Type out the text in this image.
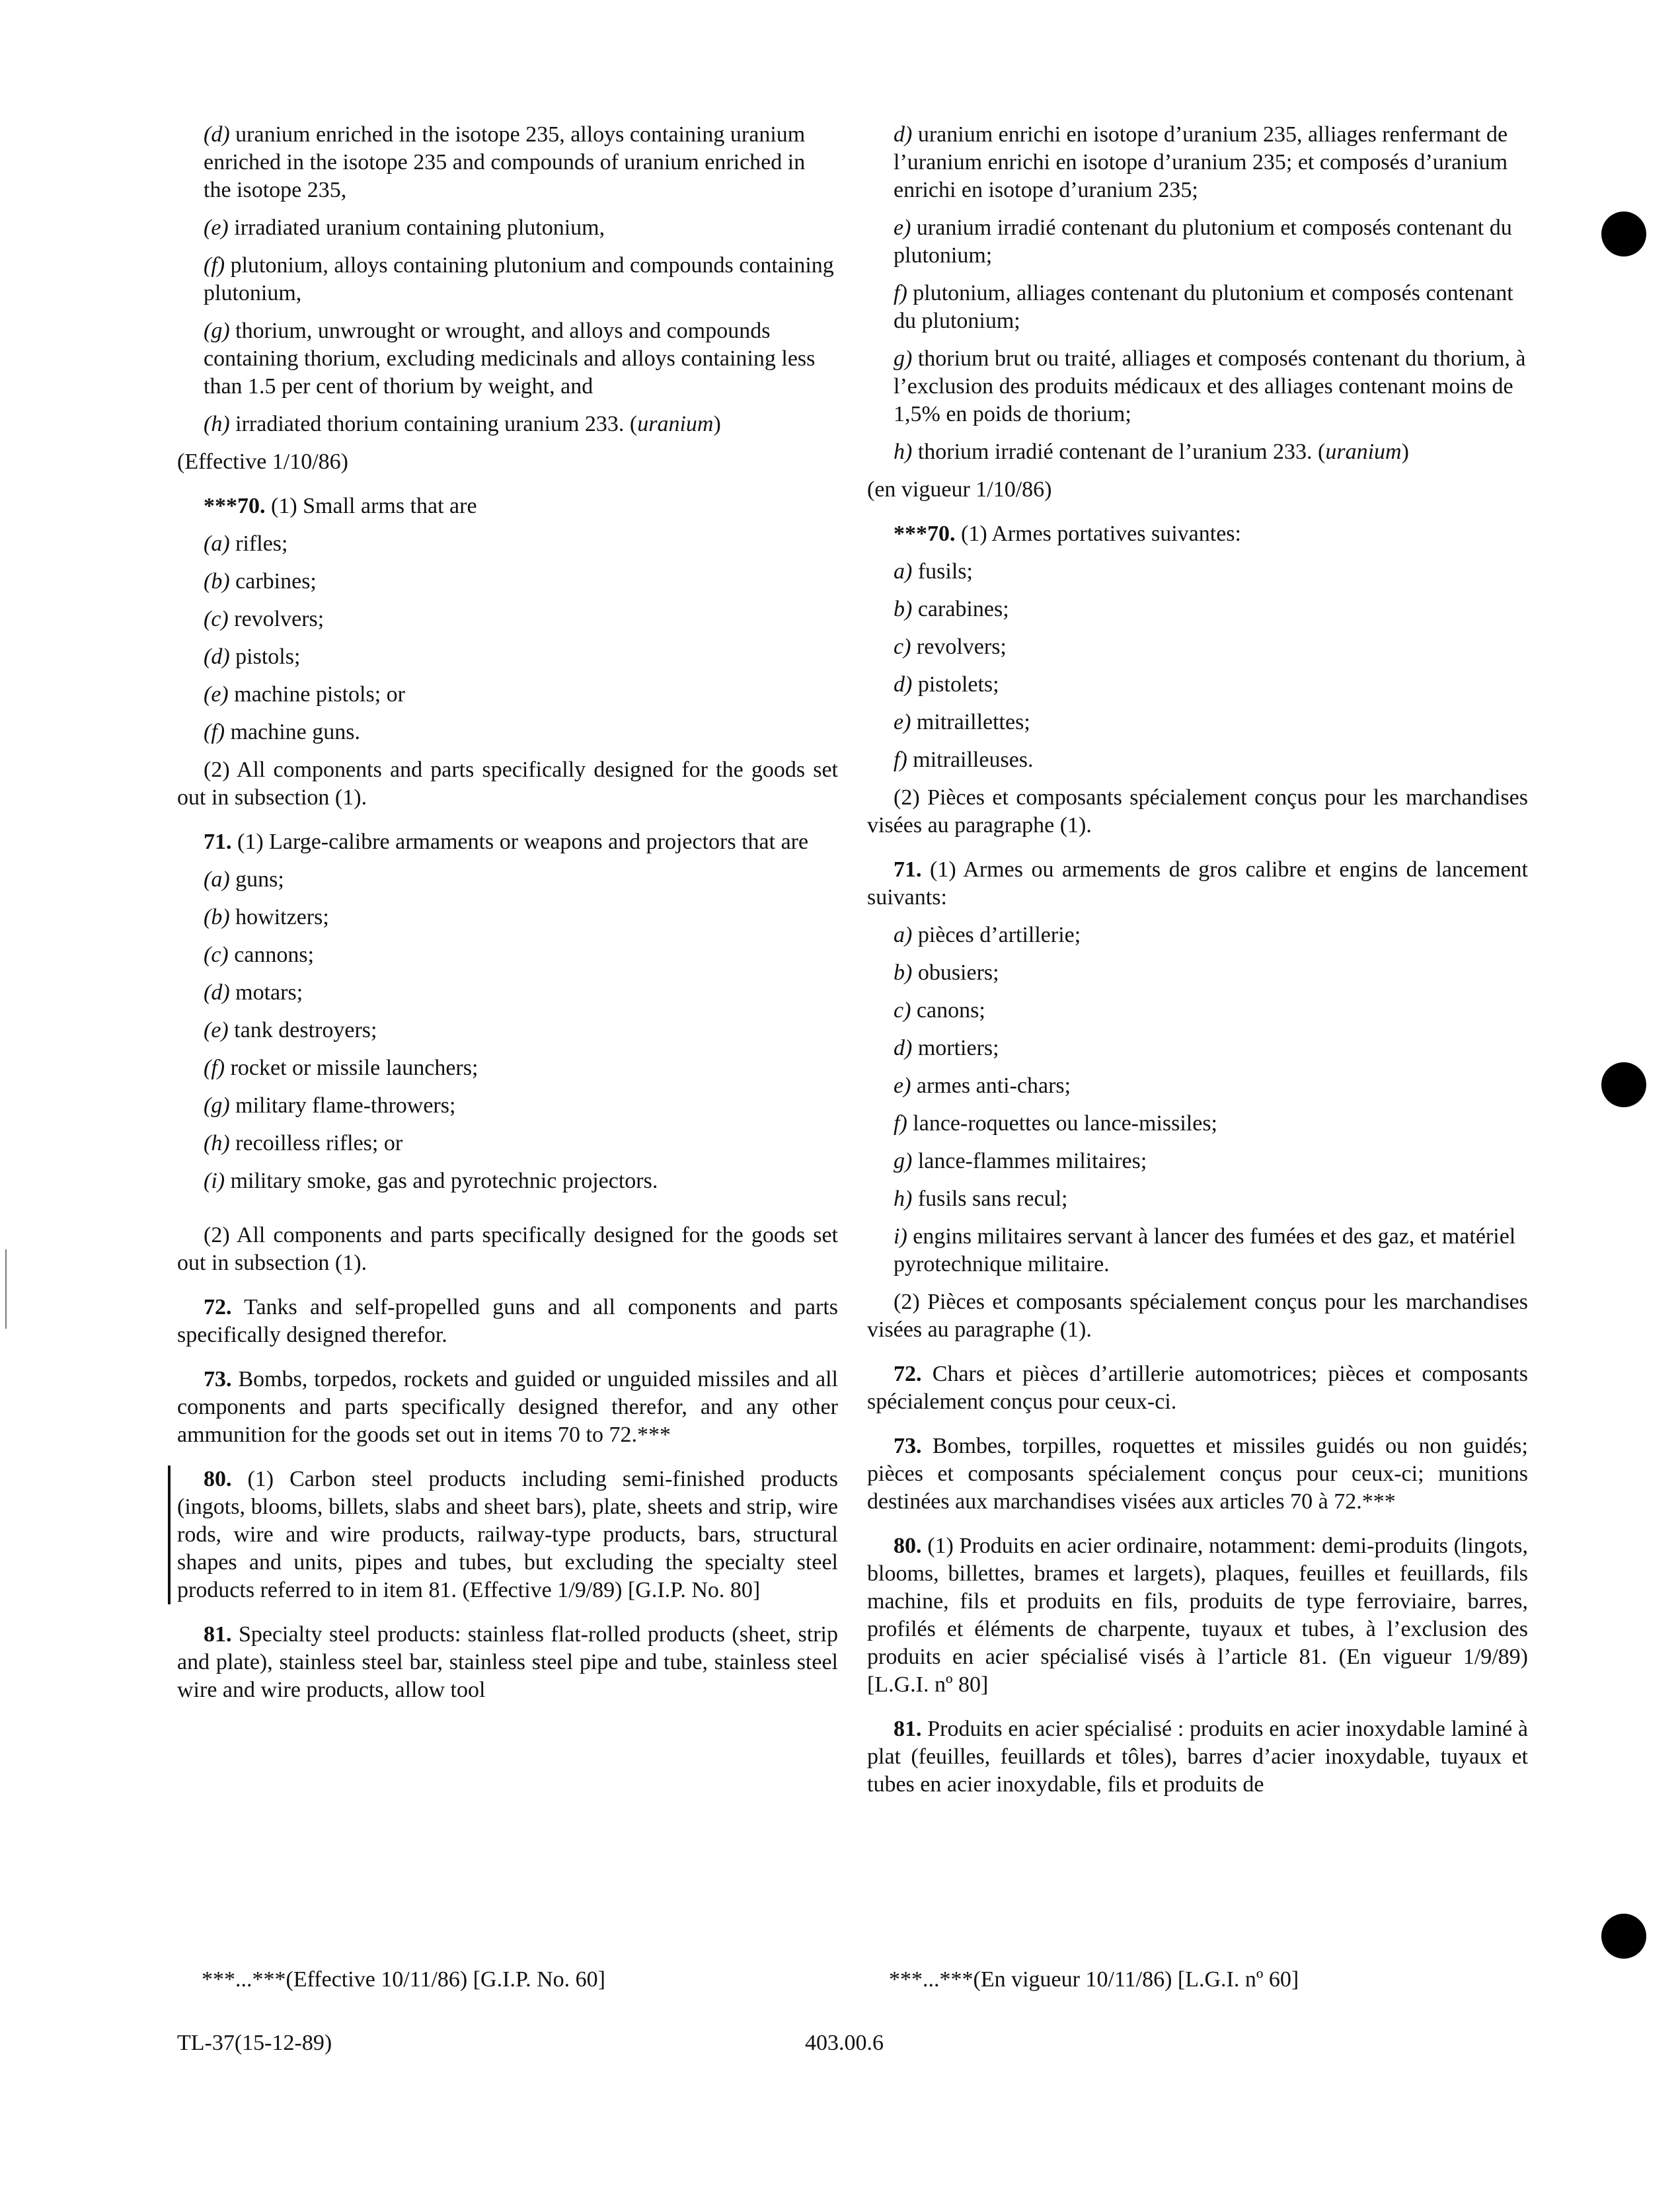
(d) uranium enriched in the isotope 235, alloys containing uranium enriched in the isotope 235 and compounds of uranium enriched in the isotope 235,

(e) irradiated uranium containing plutonium,

(f) plutonium, alloys containing plutonium and compounds containing plutonium,

(g) thorium, unwrought or wrought, and alloys and compounds containing thorium, excluding medicinals and alloys containing less than 1.5 per cent of thorium by weight, and

(h) irradiated thorium containing uranium 233. (uranium)

(Effective 1/10/86)

***70. (1) Small arms that are

(a) rifles;

(b) carbines;

(c) revolvers;

(d) pistols;

(e) machine pistols; or

(f) machine guns.

(2) All components and parts specifically designed for the goods set out in subsection (1).

71. (1) Large-calibre armaments or weapons and projectors that are

(a) guns;

(b) howitzers;

(c) cannons;

(d) motars;

(e) tank destroyers;

(f) rocket or missile launchers;

(g) military flame-throwers;

(h) recoilless rifles; or

(i) military smoke, gas and pyrotechnic projectors.

(2) All components and parts specifically designed for the goods set out in subsection (1).

72. Tanks and self-propelled guns and all components and parts specifically designed therefor.

73. Bombs, torpedos, rockets and guided or unguided missiles and all components and parts specifically designed therefor, and any other ammunition for the goods set out in items 70 to 72.***

80. (1) Carbon steel products including semi-finished products (ingots, blooms, billets, slabs and sheet bars), plate, sheets and strip, wire rods, wire and wire products, railway-type products, bars, structural shapes and units, pipes and tubes, but excluding the specialty steel products referred to in item 81. (Effective 1/9/89) [G.I.P. No. 80]

81. Specialty steel products: stainless flat-rolled products (sheet, strip and plate), stainless steel bar, stainless steel pipe and tube, stainless steel wire and wire products, allow tool

d) uranium enrichi en isotope d’uranium 235, alliages renfermant de l’uranium enrichi en isotope d’uranium 235; et composés d’uranium enrichi en isotope d’uranium 235;

e) uranium irradié contenant du plutonium et composés contenant du plutonium;

f) plutonium, alliages contenant du plutonium et composés contenant du plutonium;

g) thorium brut ou traité, alliages et composés contenant du thorium, à l’exclusion des produits médicaux et des alliages contenant moins de 1,5% en poids de thorium;

h) thorium irradié contenant de l’uranium 233. (uranium)

(en vigueur 1/10/86)

***70. (1) Armes portatives suivantes:

a) fusils;

b) carabines;

c) revolvers;

d) pistolets;

e) mitraillettes;

f) mitrailleuses.

(2) Pièces et composants spécialement conçus pour les marchandises visées au paragraphe (1).

71. (1) Armes ou armements de gros calibre et engins de lancement suivants:

a) pièces d’artillerie;

b) obusiers;

c) canons;

d) mortiers;

e) armes anti-chars;

f) lance-roquettes ou lance-missiles;

g) lance-flammes militaires;

h) fusils sans recul;

i) engins militaires servant à lancer des fumées et des gaz, et matériel pyrotechnique militaire.

(2) Pièces et composants spécialement conçus pour les marchandises visées au paragraphe (1).

72. Chars et pièces d’artillerie automotrices; pièces et composants spécialement conçus pour ceux-ci.

73. Bombes, torpilles, roquettes et missiles guidés ou non guidés; pièces et composants spécialement conçus pour ceux-ci; munitions destinées aux marchandises visées aux articles 70 à 72.***

80. (1) Produits en acier ordinaire, notamment: demi-produits (lingots, blooms, billettes, brames et largets), plaques, feuilles et feuillards, fils machine, fils et produits en fils, produits de type ferroviaire, barres, profilés et éléments de charpente, tuyaux et tubes, à l’exclusion des produits en acier spécialisé visés à l’article 81. (En vigueur 1/9/89) [L.G.I. nº 80]

81. Produits en acier spécialisé : produits en acier inoxydable laminé à plat (feuilles, feuillards et tôles), barres d’acier inoxydable, tuyaux et tubes en acier inoxydable, fils et produits de

***...***(Effective 10/11/86) [G.I.P. No. 60]	***...***(En vigueur 10/11/86) [L.G.I. nº 60]
TL-37(15-12-89)	403.00.6
